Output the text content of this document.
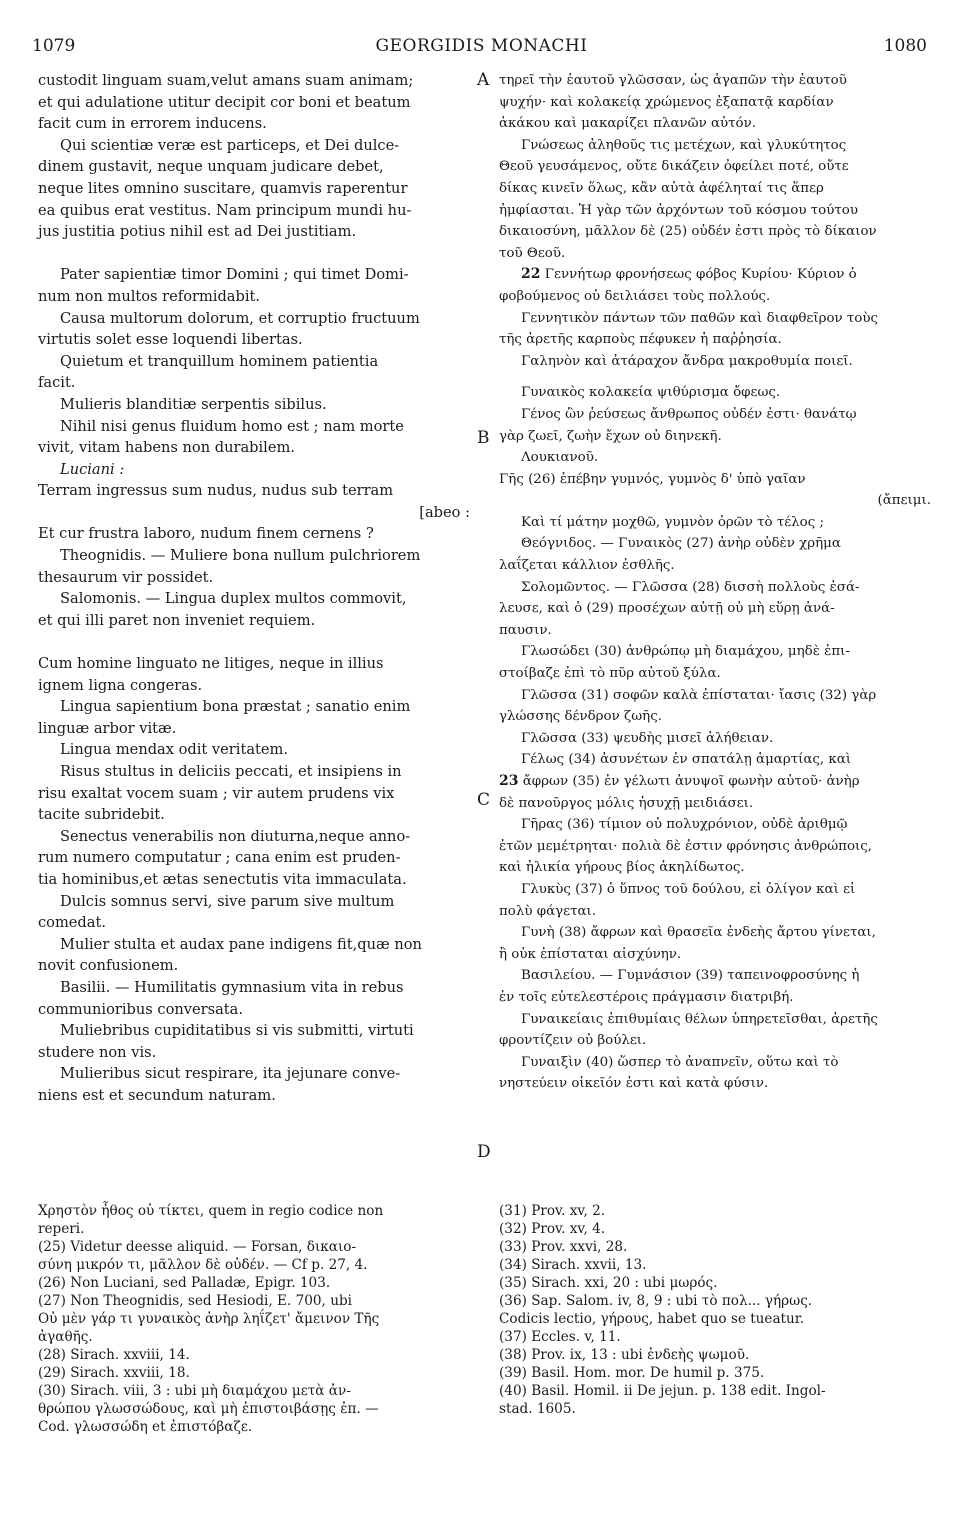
1079	GEORGIDIS MONACHI	1080
A
B
C
D

custodit linguam suam,velut amans suam animam;

et qui adulatione utitur decipit cor boni et beatum

facit cum in errorem inducens.

Qui scientiæ veræ est particeps, et Dei dulce-

dinem gustavit, neque unquam judicare debet,

neque lites omnino suscitare, quamvis raperentur

ea quibus erat vestitus. Nam principum mundi hu-

jus justitia potius nihil est ad Dei justitiam.

Pater sapientiæ timor Domini ; qui timet Domi-

num non multos reformidabit.

Causa multorum dolorum, et corruptio fructuum

virtutis solet esse loquendi libertas.

Quietum et tranquillum hominem patientia

facit.

Mulieris blanditiæ serpentis sibilus.

Nihil nisi genus fluidum homo est ; nam morte

vivit, vitam habens non durabilem.

Luciani :

Terram ingressus sum nudus, nudus sub terram

[abeo :

Et cur frustra laboro, nudum finem cernens ?

Theognidis. — Muliere bona nullum pulchriorem

thesaurum vir possidet.

Salomonis. — Lingua duplex multos commovit,

et qui illi paret non inveniet requiem.

Cum homine linguato ne litiges, neque in illius

ignem ligna congeras.

Lingua sapientium bona præstat ; sanatio enim

linguæ arbor vitæ.

Lingua mendax odit veritatem.

Risus stultus in deliciis peccati, et insipiens in

risu exaltat vocem suam ; vir autem prudens vix

tacite subridebit.

Senectus venerabilis non diuturna,neque anno-

rum numero computatur ; cana enim est pruden-

tia hominibus,et ætas senectutis vita immaculata.

Dulcis somnus servi, sive parum sive multum

comedat.

Mulier stulta et audax pane indigens fit,quæ non

novit confusionem.

Basilii. — Humilitatis gymnasium vita in rebus

communioribus conversata.

Muliebribus cupiditatibus si vis submitti, virtuti

studere non vis.

Mulieribus sicut respirare, ita jejunare conve-

niens est et secundum naturam.

τηρεῖ τὴν ἑαυτοῦ γλῶσσαν, ὡς ἀγαπῶν τὴν ἑαυτοῦ

ψυχήν· καὶ κολακείᾳ χρώμενος ἐξαπατᾷ καρδίαν

ἀκάκου καὶ μακαρίζει πλανῶν αὐτόν.

Γνώσεως ἀληθοῦς τις μετέχων, καὶ γλυκύτητος

Θεοῦ γευσάμενος, οὔτε δικάζειν ὀφείλει ποτέ, οὔτε

δίκας κινεῖν ὅλως, κἂν αὐτὰ ἀφέληταί τις ἅπερ

ἠμφίασται. Ἡ γὰρ τῶν ἀρχόντων τοῦ κόσμου τούτου

δικαιοσύνη, μᾶλλον δὲ (25) οὐδέν ἐστι πρὸς τὸ δίκαιον

τοῦ Θεοῦ.

22 Γεννήτωρ φρονήσεως φόβος Κυρίου· Κύριον ὁ

φοβούμενος οὐ δειλιάσει τοὺς πολλούς.

Γεννητικὸν πάντων τῶν παθῶν καὶ διαφθεῖρον τοὺς

τῆς ἀρετῆς καρποὺς πέφυκεν ἡ παῤῥησία.

Γαληνὸν καὶ ἀτάραχον ἄνδρα μακροθυμία ποιεῖ.

Γυναικὸς κολακεία ψιθύρισμα ὄφεως.

Γένος ὢν ῥεύσεως ἄνθρωπος οὐδέν ἐστι· θανάτῳ

γὰρ ζωεῖ, ζωὴν ἔχων οὐ διηνεκῆ.

Λουκιανοῦ.

Γῆς (26) ἐπέβην γυμνός, γυμνὸς δ' ὑπὸ γαῖαν

(ἄπειμι.

Καὶ τί μάτην μοχθῶ, γυμνὸν ὁρῶν τὸ τέλος ;

Θεόγνιδος. — Γυναικὸς (27) ἀνὴρ οὐδὲν χρῆμα

λαΐζεται κάλλιον ἐσθλῆς.

Σολομῶντος. — Γλῶσσα (28) δισσὴ πολλοὺς ἐσά-

λευσε, καὶ ὁ (29) προσέχων αὐτῇ οὐ μὴ εὕρῃ ἀνά-

παυσιν.

Γλωσώδει (30) ἀνθρώπῳ μὴ διαμάχου, μηδὲ ἐπι-

στοίβαζε ἐπὶ τὸ πῦρ αὐτοῦ ξύλα.

Γλῶσσα (31) σοφῶν καλὰ ἐπίσταται· ἴασις (32) γὰρ

γλώσσης δένδρον ζωῆς.

Γλῶσσα (33) ψευδὴς μισεῖ ἀλήθειαν.

Γέλως (34) ἀσυνέτων ἐν σπατάλῃ ἁμαρτίας, καὶ

23 ἄφρων (35) ἐν γέλωτι ἀνυψοῖ φωνὴν αὐτοῦ· ἀνὴρ

δὲ πανοῦργος μόλις ἡσυχῇ μειδιάσει.

Γῆρας (36) τίμιον οὐ πολυχρόνιον, οὐδὲ ἀριθμῷ

ἐτῶν μεμέτρηται· πολιὰ δὲ ἐστιν φρόνησις ἀνθρώποις,

καὶ ἡλικία γήρους βίος ἀκηλίδωτος.

Γλυκὺς (37) ὁ ὕπνος τοῦ δούλου, εἰ ὀλίγον καὶ εἰ

πολὺ φάγεται.

Γυνὴ (38) ἄφρων καὶ θρασεῖα ἐνδεὴς ἄρτου γίνεται,

ἢ οὐκ ἐπίσταται αἰσχύνην.

Βασιλείου. — Γυμνάσιον (39) ταπεινοφροσύνης ἡ

ἐν τοῖς εὐτελεστέροις πράγμασιν διατριβή.

Γυναικείαις ἐπιθυμίαις θέλων ὑπηρετεῖσθαι, ἀρετῆς

φροντίζειν οὐ βούλει.

Γυναιξὶν (40) ὥσπερ τὸ ἀναπνεῖν, οὕτω καὶ τὸ

νηστεύειν οἰκεῖόν ἐστι καὶ κατὰ φύσιν.

Χρηστὸν ἦθος οὐ τίκτει, quem in regio codice non

reperi.

(25) Videtur deesse aliquid. — Forsan, δικαιο-

σύνη μικρόν τι, μᾶλλον δὲ οὐδέν. — Cf p. 27, 4.

(26) Non Luciani, sed Palladæ, Epigr. 103.

(27) Non Theognidis, sed Hesiodi, E. 700, ubi

Οὐ μὲν γάρ τι γυναικὸς ἀνὴρ ληΐζετ' ἄμεινον Τῆς

ἀγαθῆς.

(28) Sirach. xxviii, 14.

(29) Sirach. xxviii, 18.

(30) Sirach. viii, 3 : ubi μὴ διαμάχου μετὰ ἀν-

θρώπου γλωσσώδους, καὶ μὴ ἐπιστοιβάσῃς ἐπ. —

Cod. γλωσσώδη et ἐπιστόβαζε.

(31) Prov. xv, 2.

(32) Prov. xv, 4.

(33) Prov. xxvi, 28.

(34) Sirach. xxvii, 13.

(35) Sirach. xxi, 20 : ubi μωρός.

(36) Sap. Salom. iv, 8, 9 : ubi τὸ πολ... γήρως.

Codicis lectio, γήρους, habet quo se tueatur.

(37) Eccles. v, 11.

(38) Prov. ix, 13 : ubi ἐνδεὴς ψωμοῦ.

(39) Basil. Hom. mor. De humil p. 375.

(40) Basil. Homil. ii De jejun. p. 138 edit. Ingol-

stad. 1605.
